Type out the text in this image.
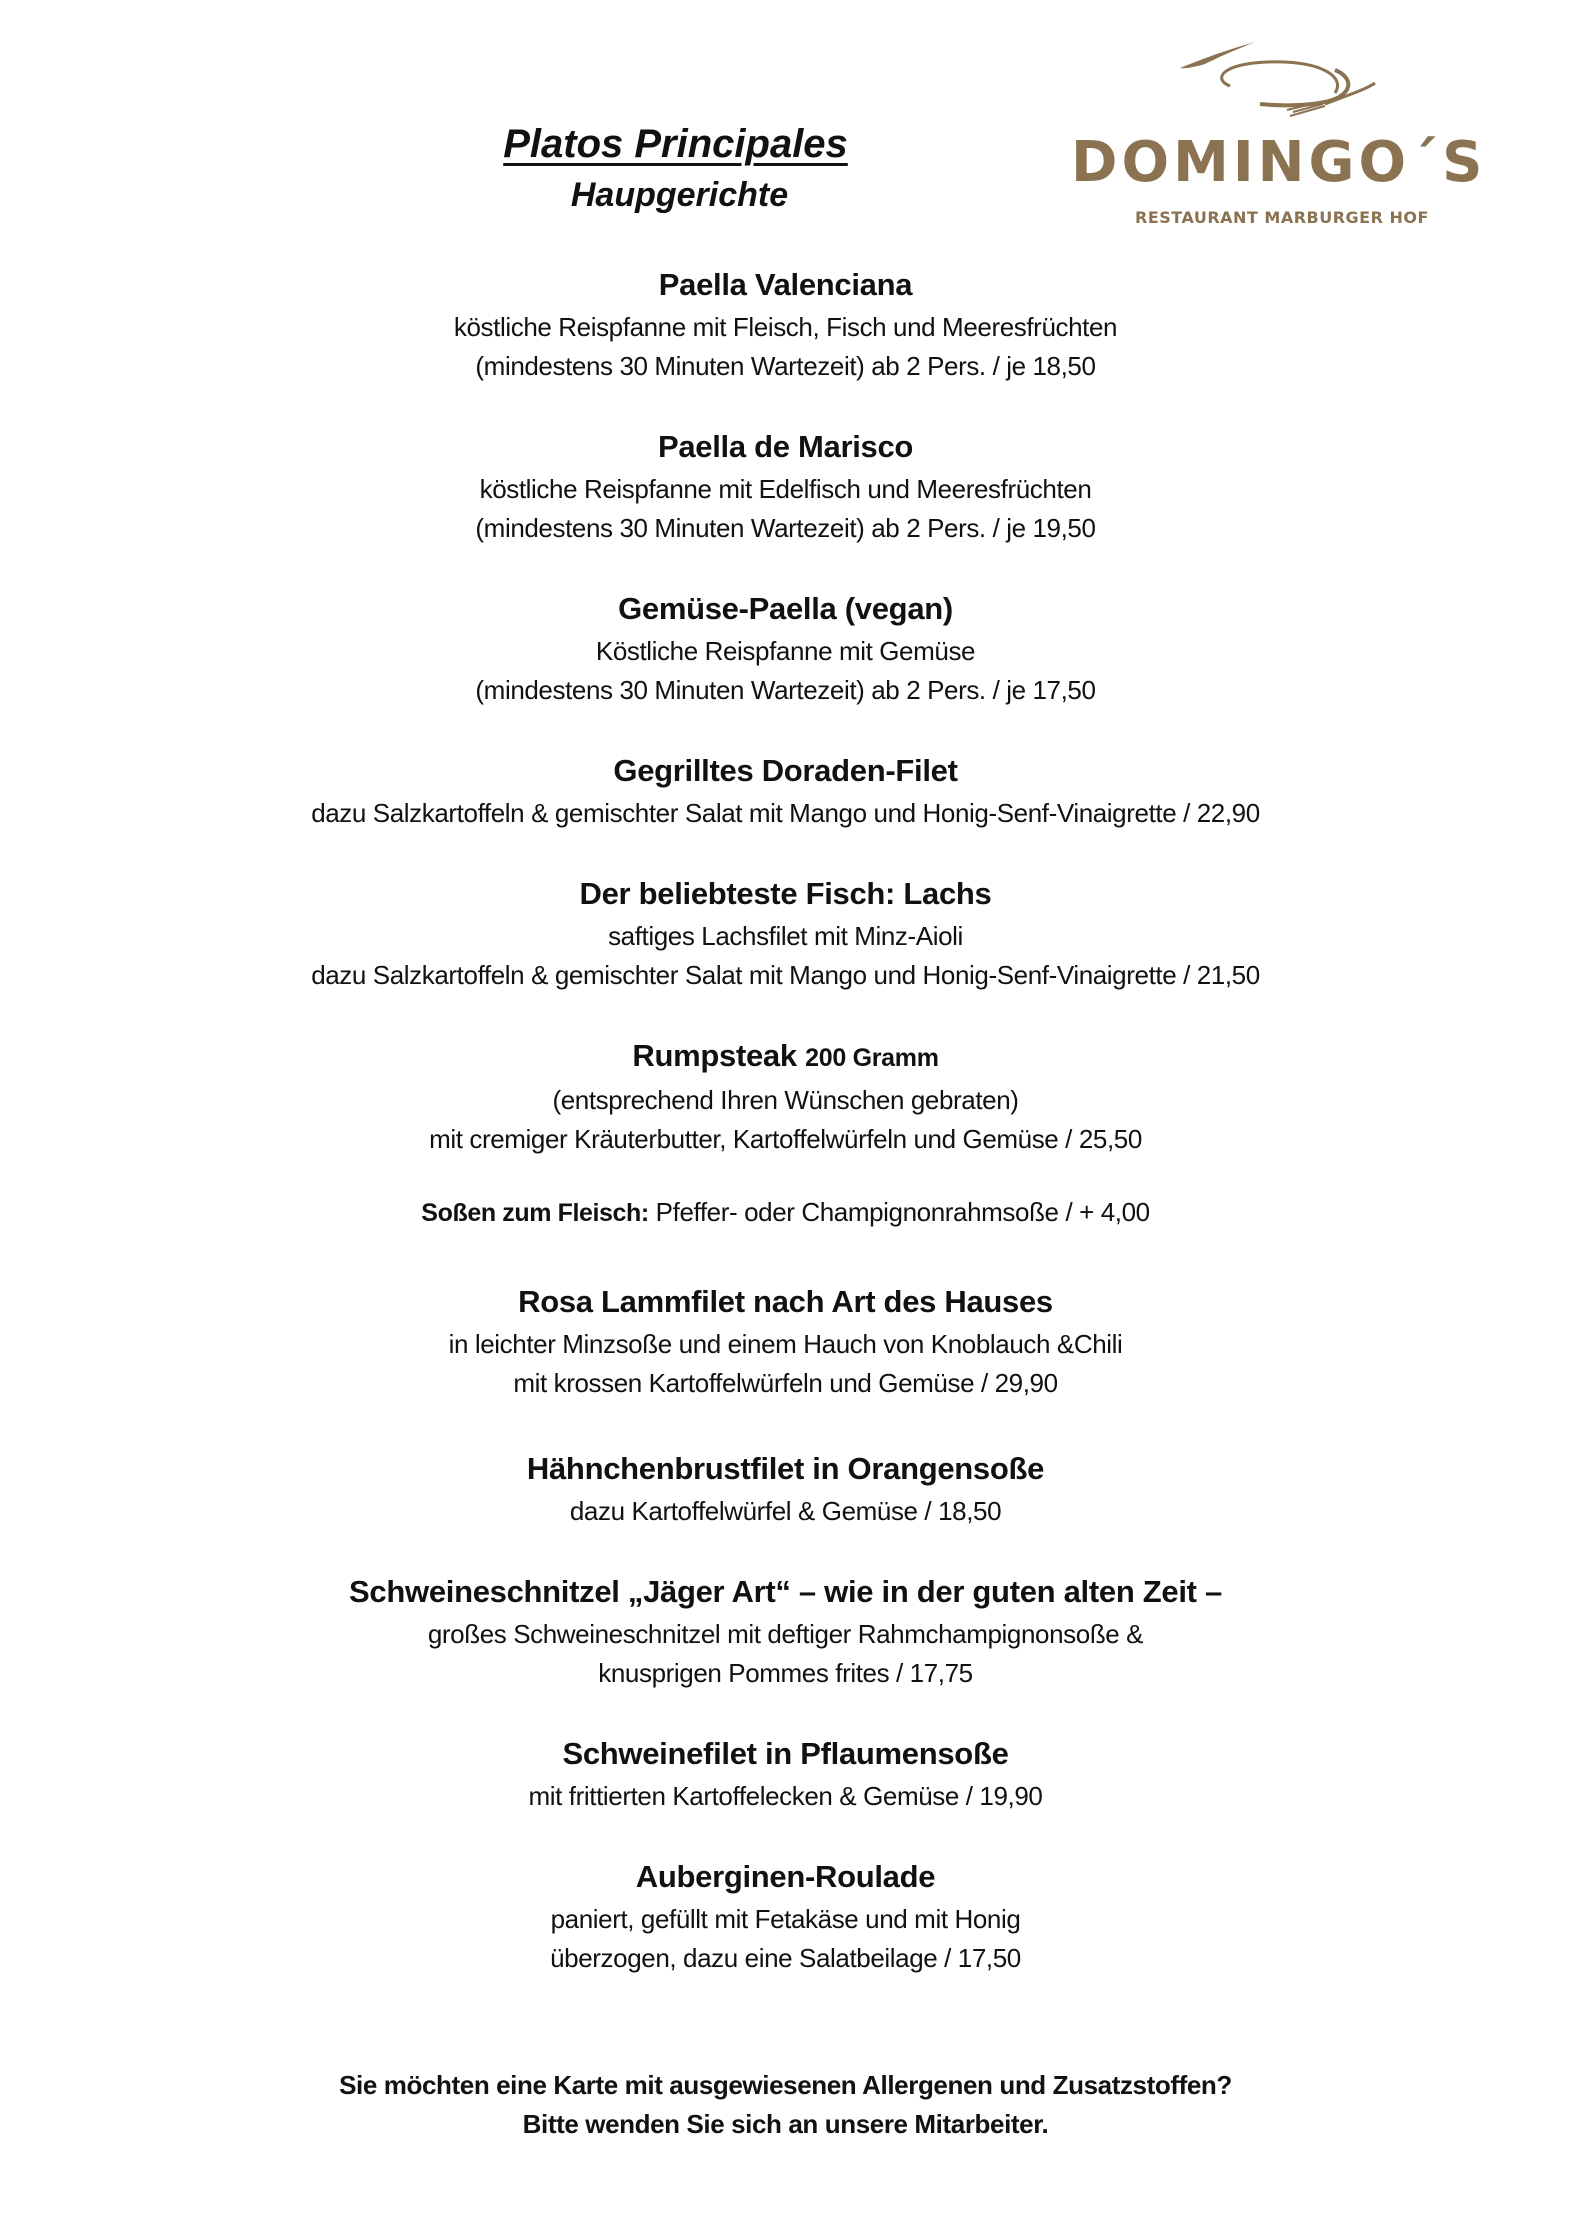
DOMINGO´S
RESTAURANT MARBURGER HOF
Platos Principales
Haupgerichte
Paella Valenciana
köstliche Reispfanne mit Fleisch, Fisch und Meeresfrüchten
(mindestens 30 Minuten Wartezeit) ab 2 Pers. / je 18,50
Paella de Marisco
köstliche Reispfanne mit Edelfisch und Meeresfrüchten
(mindestens 30 Minuten Wartezeit) ab 2 Pers. / je 19,50
Gemüse-Paella (vegan)
Köstliche Reispfanne mit Gemüse
(mindestens 30 Minuten Wartezeit) ab 2 Pers. / je 17,50
Gegrilltes Doraden-Filet
dazu Salzkartoffeln & gemischter Salat mit Mango und Honig-Senf-Vinaigrette / 22,90
Der beliebteste Fisch: Lachs
saftiges Lachsfilet mit Minz-Aioli
dazu Salzkartoffeln & gemischter Salat mit Mango und Honig-Senf-Vinaigrette / 21,50
Rumpsteak 200 Gramm
(entsprechend Ihren Wünschen gebraten)
mit cremiger Kräuterbutter, Kartoffelwürfeln und Gemüse / 25,50
Soßen zum Fleisch: Pfeffer- oder Champignonrahmsoße / + 4,00
Rosa Lammfilet nach Art des Hauses
in leichter Minzsoße und einem Hauch von Knoblauch &Chili
mit krossen Kartoffelwürfeln und Gemüse / 29,90
Hähnchenbrustfilet in Orangensoße
dazu Kartoffelwürfel & Gemüse / 18,50
Schweineschnitzel „Jäger Art“ – wie in der guten alten Zeit –
großes Schweineschnitzel mit deftiger Rahmchampignonsoße &
knusprigen Pommes frites / 17,75
Schweinefilet in Pflaumensoße
mit frittierten Kartoffelecken & Gemüse / 19,90
Auberginen-Roulade
paniert, gefüllt mit Fetakäse und mit Honig
überzogen, dazu eine Salatbeilage / 17,50
Sie möchten eine Karte mit ausgewiesenen Allergenen und Zusatzstoffen?
Bitte wenden Sie sich an unsere Mitarbeiter.
